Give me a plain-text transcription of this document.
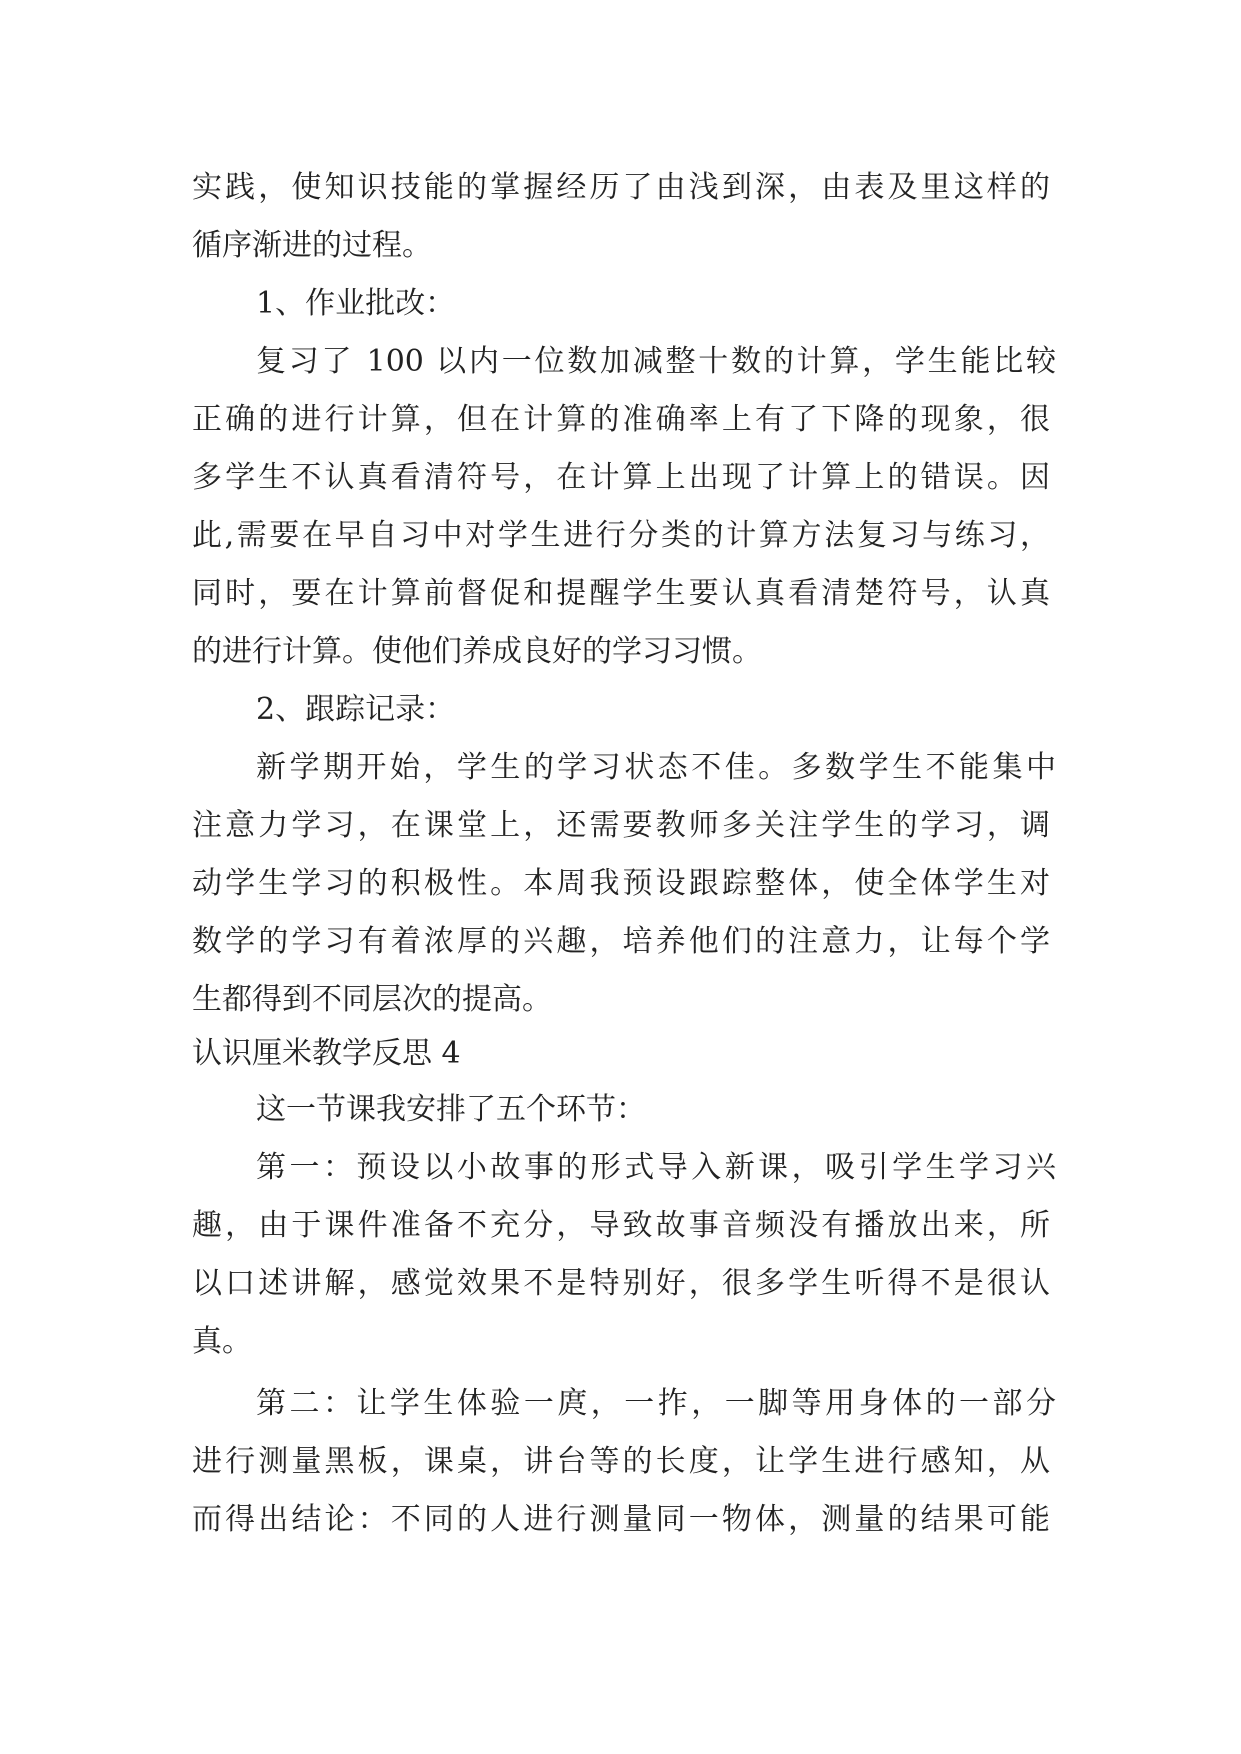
实践，使知识技能的掌握经历了由浅到深，由表及里这样的
循序渐进的过程。
1、作业批改：
复习了 100 以内一位数加减整十数的计算，学生能比较
正确的进行计算，但在计算的准确率上有了下降的现象，很
多学生不认真看清符号，在计算上出现了计算上的错误。因
此,需要在早自习中对学生进行分类的计算方法复习与练习，
同时，要在计算前督促和提醒学生要认真看清楚符号，认真
的进行计算。使他们养成良好的学习习惯。
2、跟踪记录：
新学期开始，学生的学习状态不佳。多数学生不能集中
注意力学习，在课堂上，还需要教师多关注学生的学习，调
动学生学习的积极性。本周我预设跟踪整体，使全体学生对
数学的学习有着浓厚的兴趣，培养他们的注意力，让每个学
生都得到不同层次的提高。
认识厘米教学反思 4
这一节课我安排了五个环节：
第一：预设以小故事的形式导入新课，吸引学生学习兴
趣，由于课件准备不充分，导致故事音频没有播放出来，所
以口述讲解，感觉效果不是特别好，很多学生听得不是很认
真。
第二：让学生体验一庹，一拃，一脚等用身体的一部分
进行测量黑板，课桌，讲台等的长度，让学生进行感知，从
而得出结论：不同的人进行测量同一物体，测量的结果可能
